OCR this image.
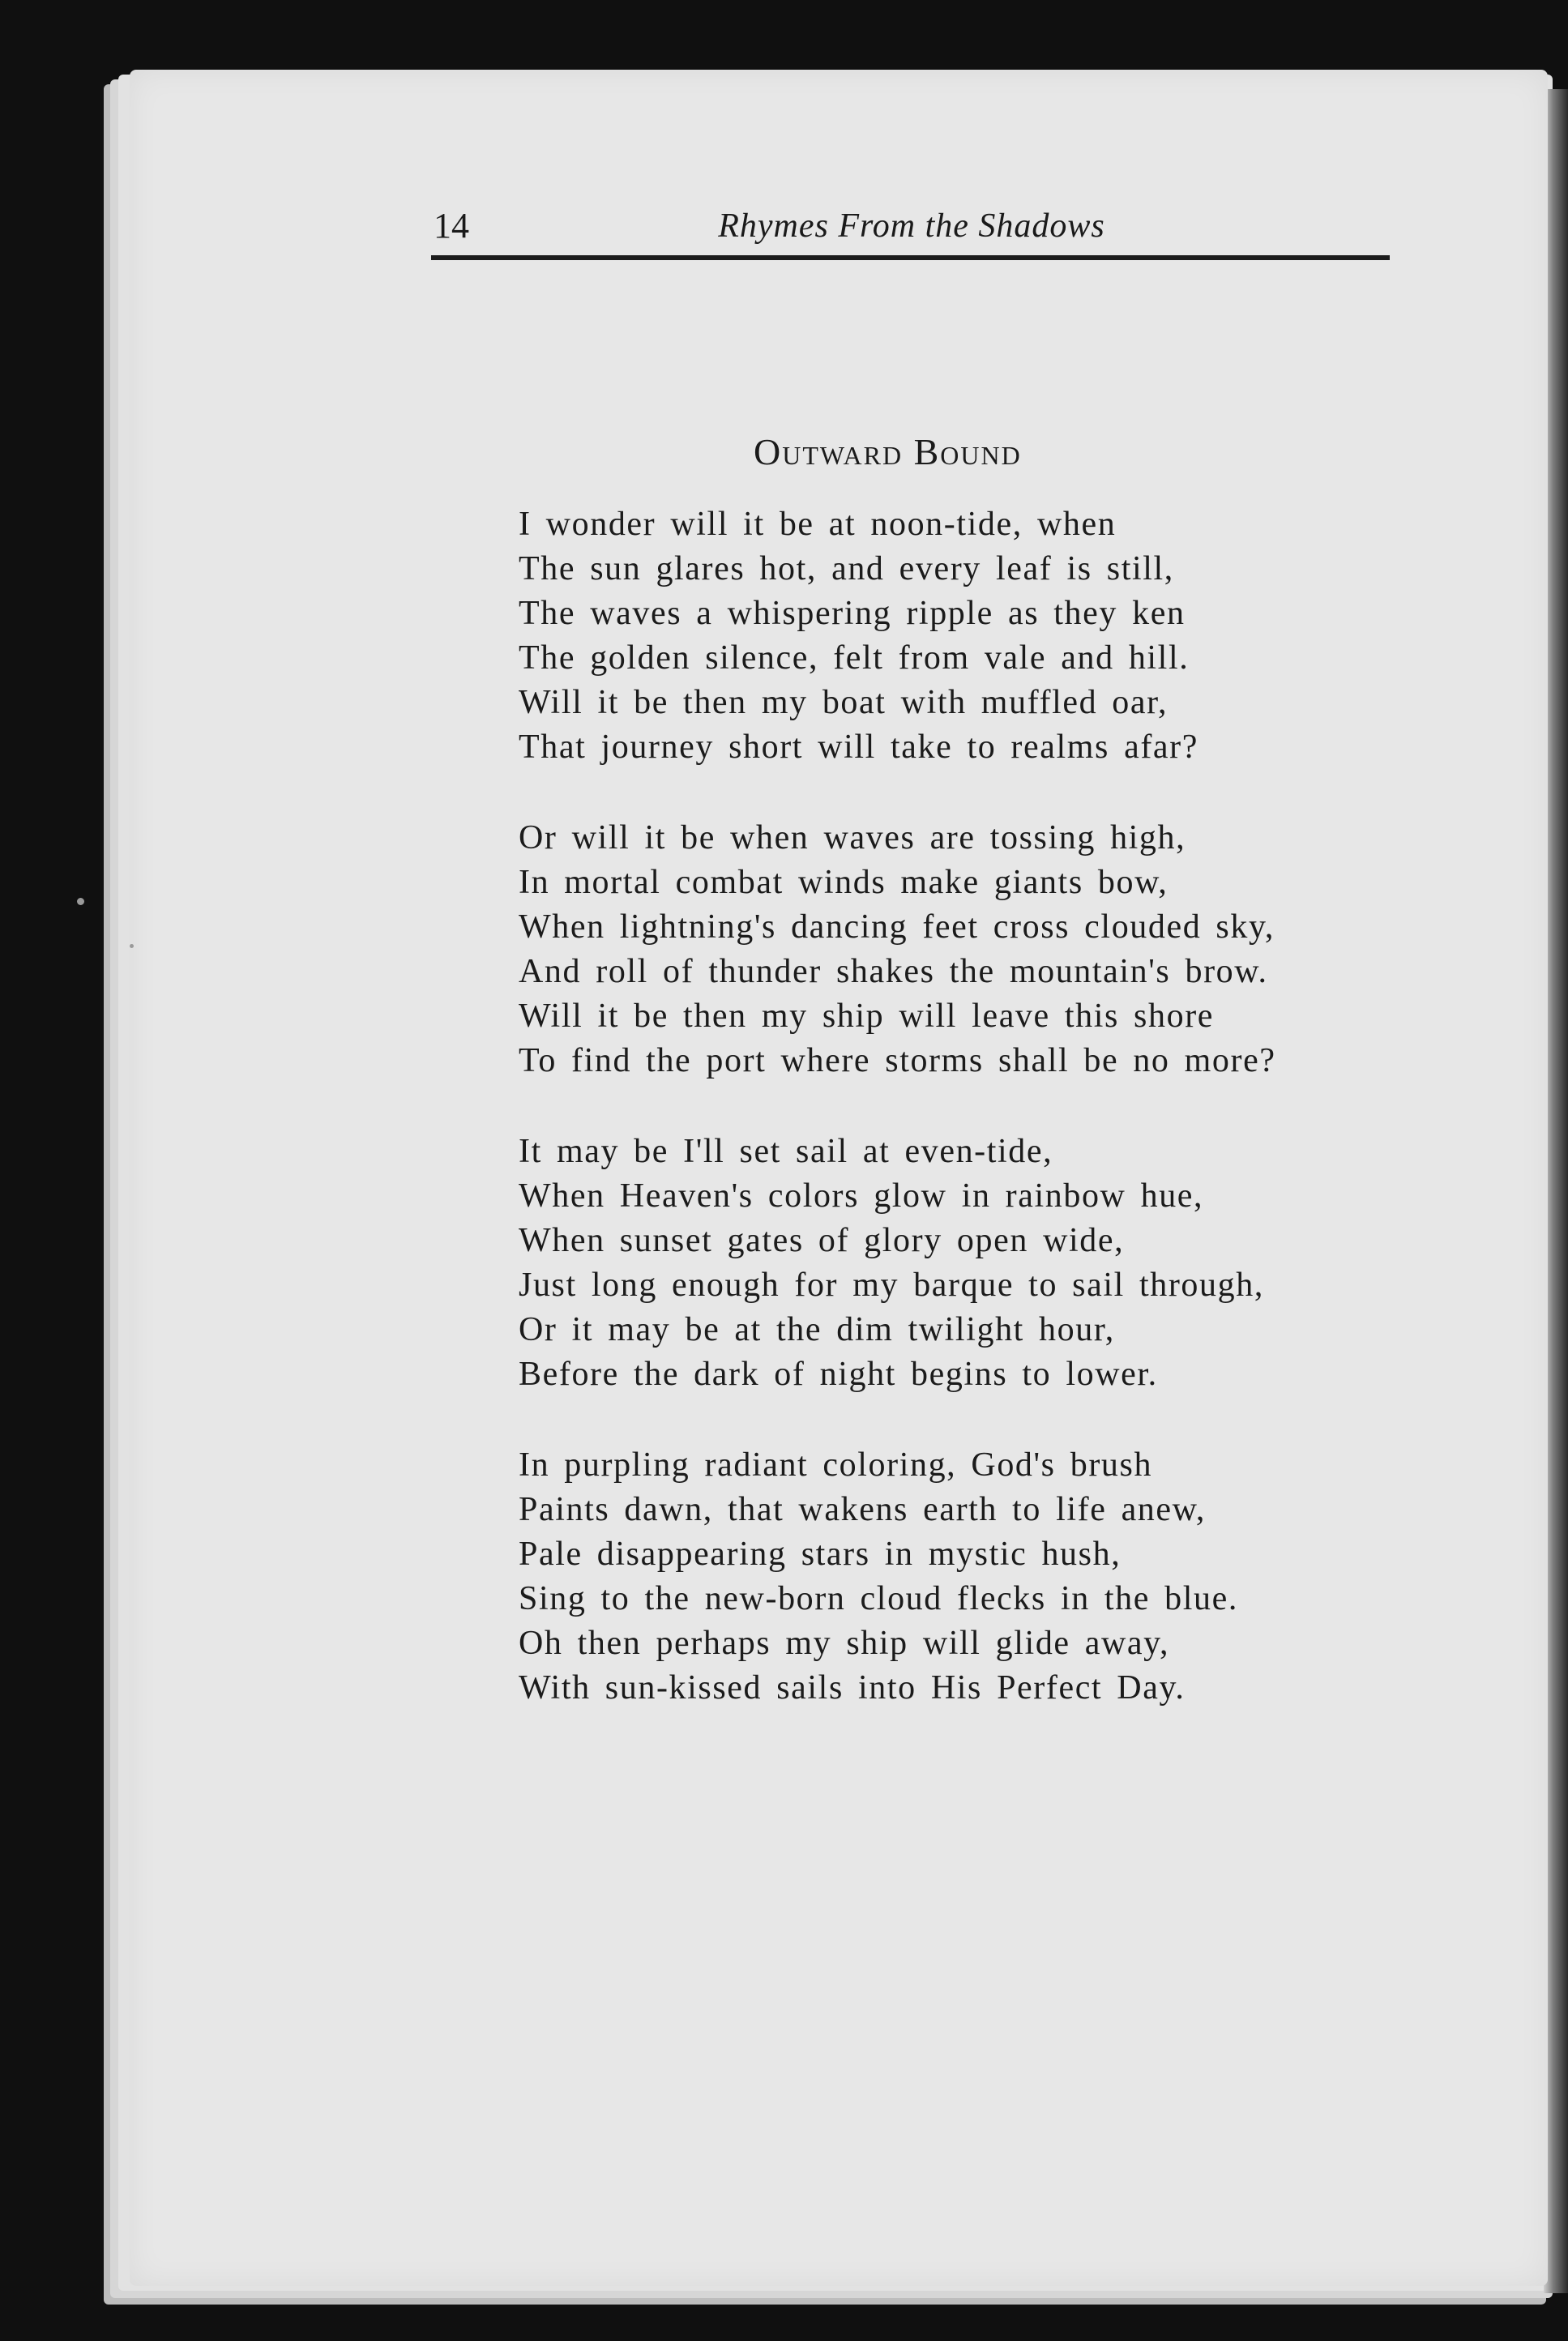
14	Rhymes From the Shadows
Outward Bound
I wonder will it be at noon-tide, when
The sun glares hot, and every leaf is still,
The waves a whispering ripple as they ken
The golden silence, felt from vale and hill.
Will it be then my boat with muffled oar,
That journey short will take to realms afar?
Or will it be when waves are tossing high,
In mortal combat winds make giants bow,
When lightning's dancing feet cross clouded sky,
And roll of thunder shakes the mountain's brow.
Will it be then my ship will leave this shore
To find the port where storms shall be no more?
It may be I'll set sail at even-tide,
When Heaven's colors glow in rainbow hue,
When sunset gates of glory open wide,
Just long enough for my barque to sail through,
Or it may be at the dim twilight hour,
Before the dark of night begins to lower.
In purpling radiant coloring, God's brush
Paints dawn, that wakens earth to life anew,
Pale disappearing stars in mystic hush,
Sing to the new-born cloud flecks in the blue.
Oh then perhaps my ship will glide away,
With sun-kissed sails into His Perfect Day.
